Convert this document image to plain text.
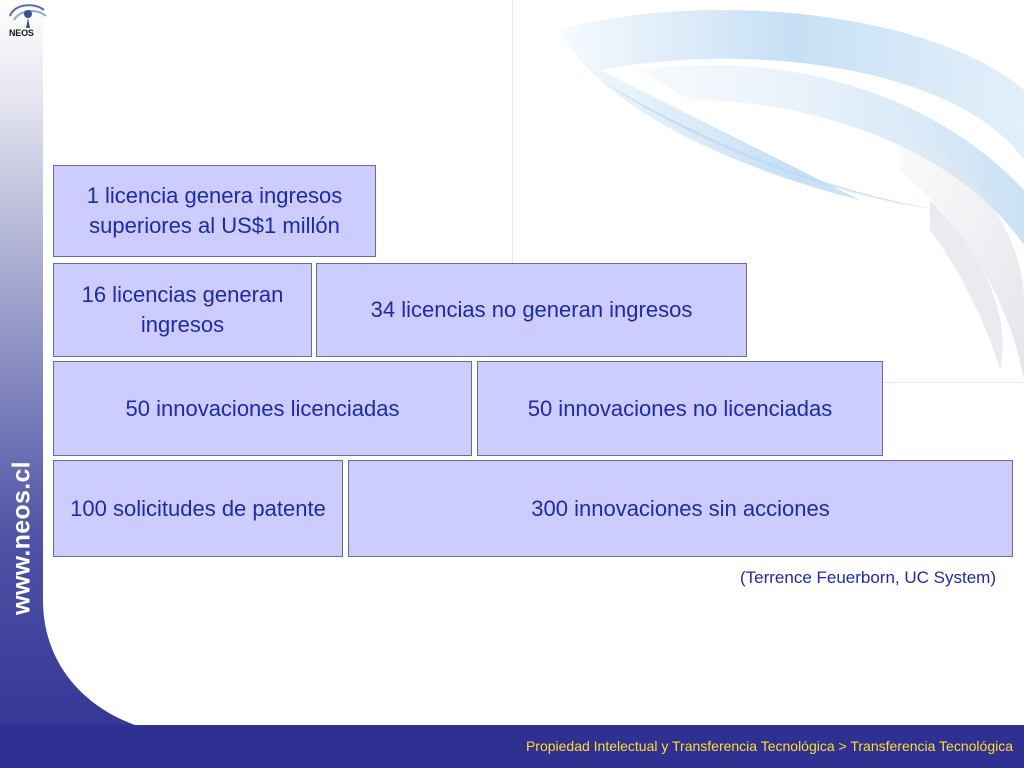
NEOS
www.neos.cl
1 licencia genera ingresos superiores al US$1 millón
16 licencias generan ingresos
34 licencias no generan ingresos
50 innovaciones licenciadas	50 innovaciones no licenciadas
100 solicitudes de patente	300 innovaciones sin acciones
(Terrence Feuerborn, UC System)
Propiedad Intelectual y Transferencia Tecnológica > Transferencia Tecnológica
